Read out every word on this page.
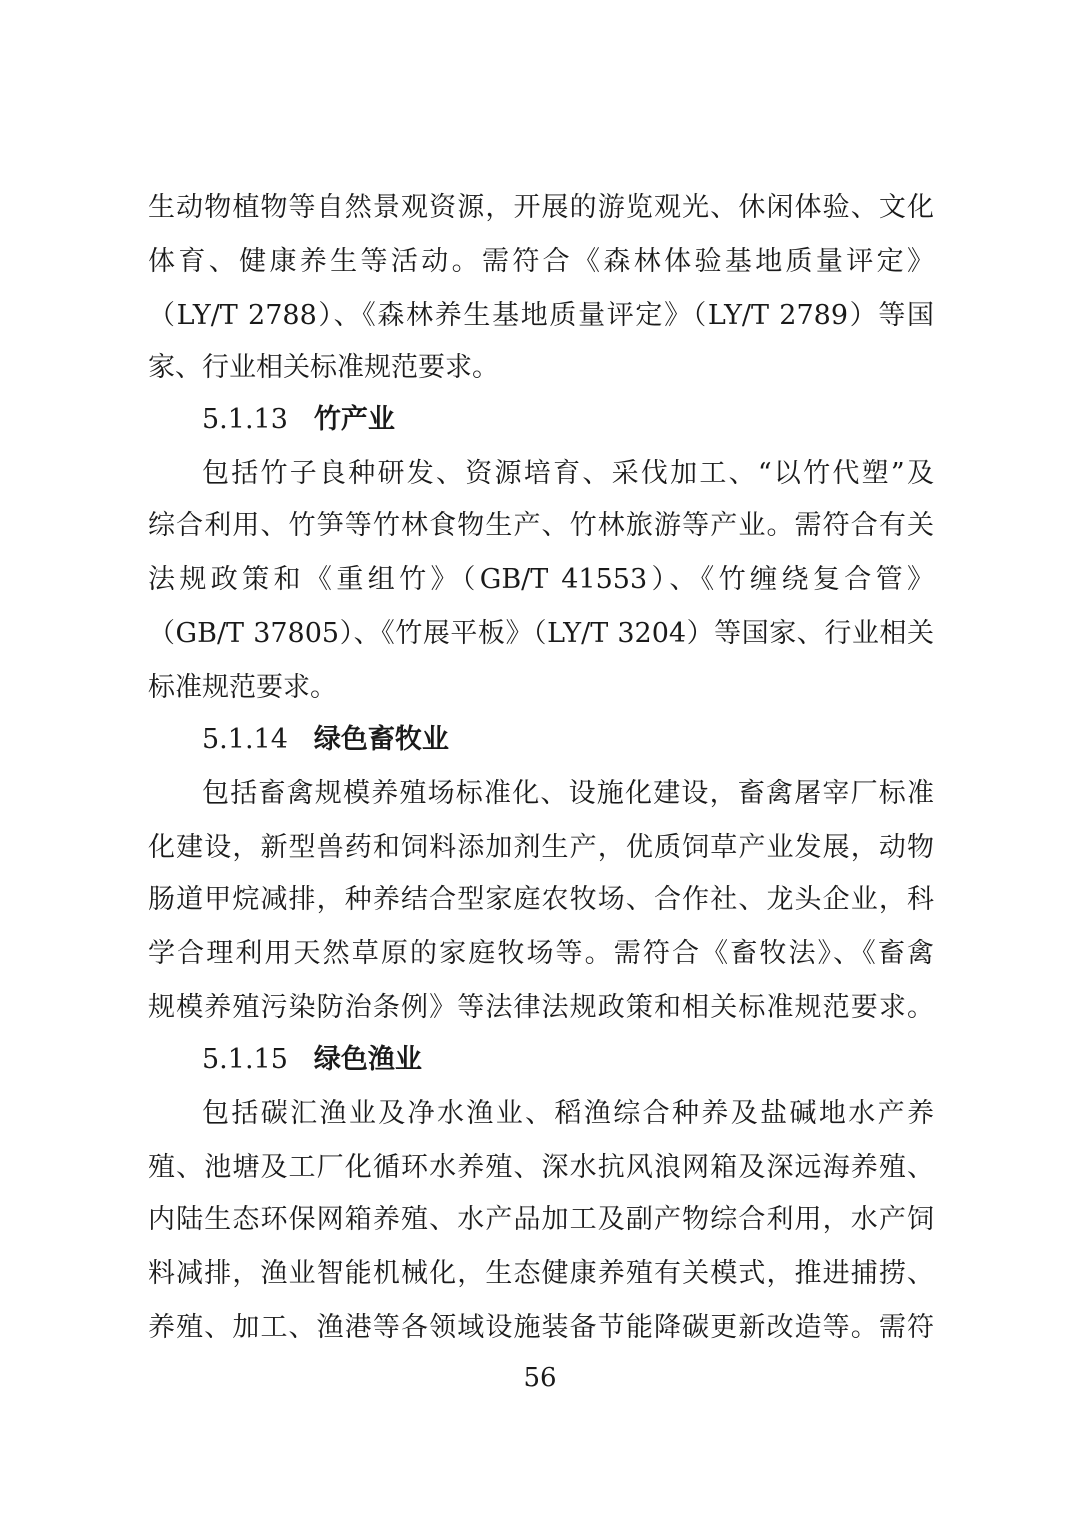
生动物植物等自然景观资源，开展的游览观光、休闲体验、文化
体育、健康养生等活动。需符合《森林体验基地质量评定》
（LY/T 2788）、《森林养生基地质量评定》（LY/T 2789）等国
家、行业相关标准规范要求。
5.1.13 竹产业
包括竹子良种研发、资源培育、采伐加工、“以竹代塑”及
综合利用、竹笋等竹林食物生产、竹林旅游等产业。需符合有关
法规政策和《重组竹》（GB/T 41553）、《竹缠绕复合管》
（GB/T 37805）、《竹展平板》（LY/T 3204）等国家、行业相关
标准规范要求。
5.1.14 绿色畜牧业
包括畜禽规模养殖场标准化、设施化建设，畜禽屠宰厂标准
化建设，新型兽药和饲料添加剂生产，优质饲草产业发展，动物
肠道甲烷减排，种养结合型家庭农牧场、合作社、龙头企业，科
学合理利用天然草原的家庭牧场等。需符合《畜牧法》、《畜禽
规模养殖污染防治条例》等法律法规政策和相关标准规范要求。
5.1.15 绿色渔业
包括碳汇渔业及净水渔业、稻渔综合种养及盐碱地水产养
殖、池塘及工厂化循环水养殖、深水抗风浪网箱及深远海养殖、
内陆生态环保网箱养殖、水产品加工及副产物综合利用，水产饲
料减排，渔业智能机械化，生态健康养殖有关模式，推进捕捞、
养殖、加工、渔港等各领域设施装备节能降碳更新改造等。需符
56
